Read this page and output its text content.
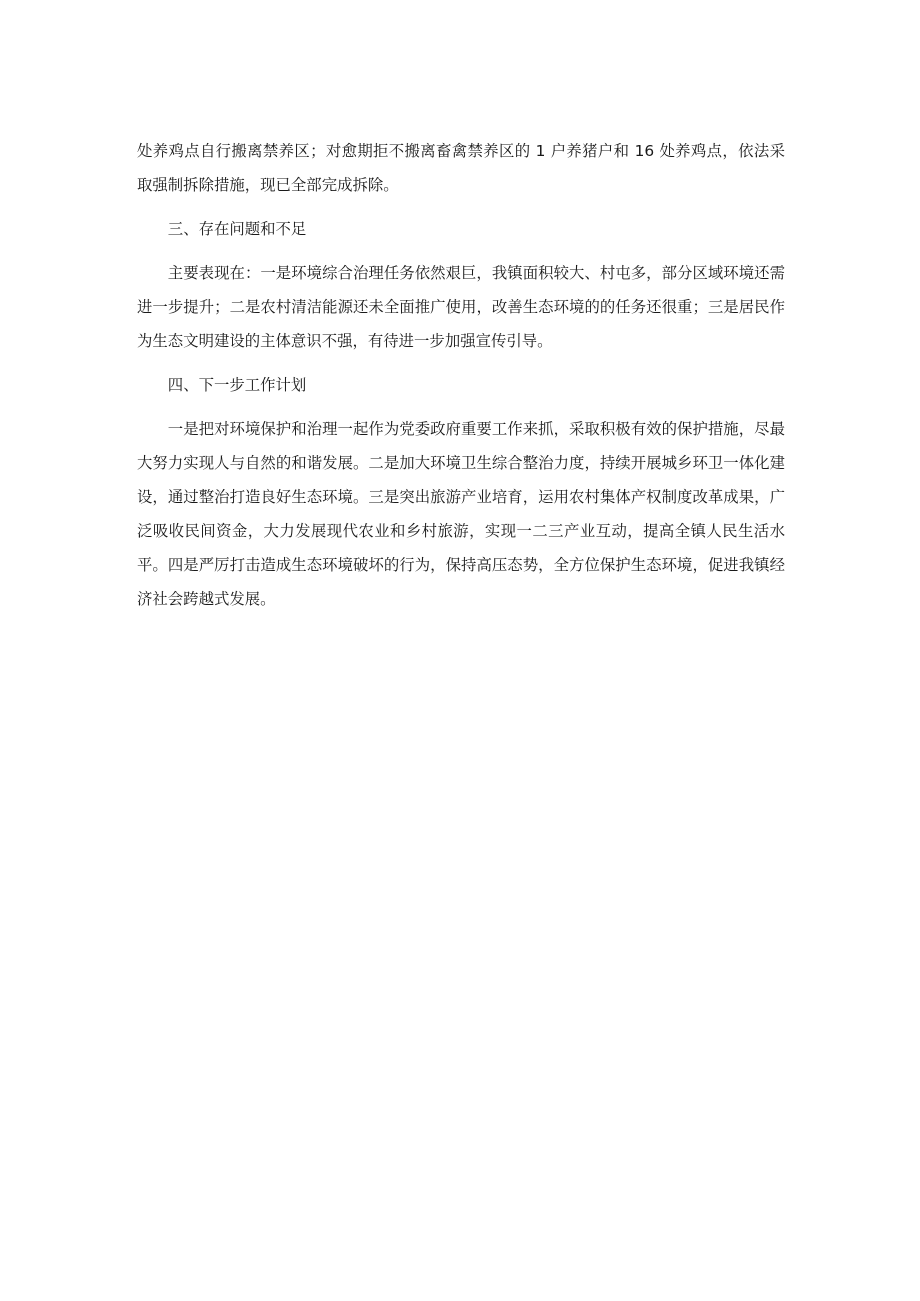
处养鸡点自行搬离禁养区；对愈期拒不搬离畜禽禁养区的 1 户养猪户和 16 处养鸡点，依法采取强制拆除措施，现已全部完成拆除。

三、存在问题和不足

主要表现在：一是环境综合治理任务依然艰巨，我镇面积较大、村屯多，部分区域环境还需进一步提升；二是农村清洁能源还未全面推广使用，改善生态环境的的任务还很重；三是居民作为生态文明建设的主体意识不强，有待进一步加强宣传引导。

四、下一步工作计划

一是把对环境保护和治理一起作为党委政府重要工作来抓，采取积极有效的保护措施，尽最大努力实现人与自然的和谐发展。二是加大环境卫生综合整治力度，持续开展城乡环卫一体化建设，通过整治打造良好生态环境。三是突出旅游产业培育，运用农村集体产权制度改革成果，广泛吸收民间资金，大力发展现代农业和乡村旅游，实现一二三产业互动，提高全镇人民生活水平。四是严厉打击造成生态环境破坏的行为，保持高压态势，全方位保护生态环境，促进我镇经济社会跨越式发展。
